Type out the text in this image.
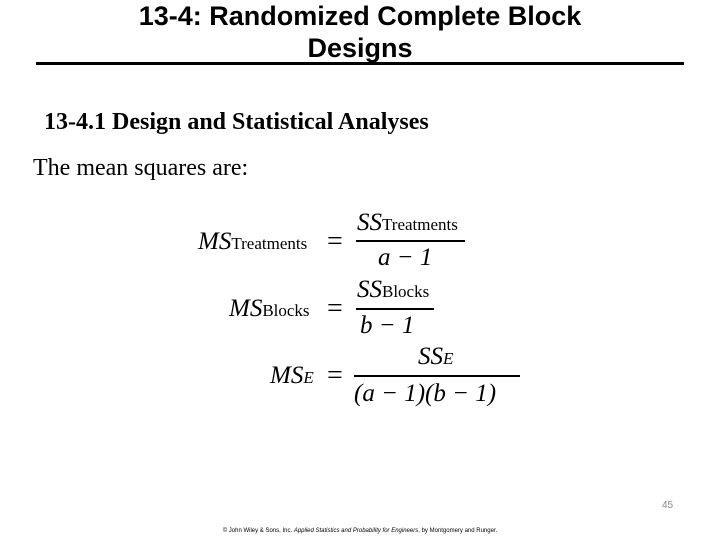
13-4: Randomized Complete Block
Designs
13-4.1 Design and Statistical Analyses
The mean squares are:
MSTreatments =
SSTreatments
a − 1
MSBlocks =
SSBlocks
b − 1
MSE =
SSE
(a − 1)(b − 1)
45
© John Wiley & Sons, Inc. Applied Statistics and Probability for Engineers, by Montgomery and Runger.
